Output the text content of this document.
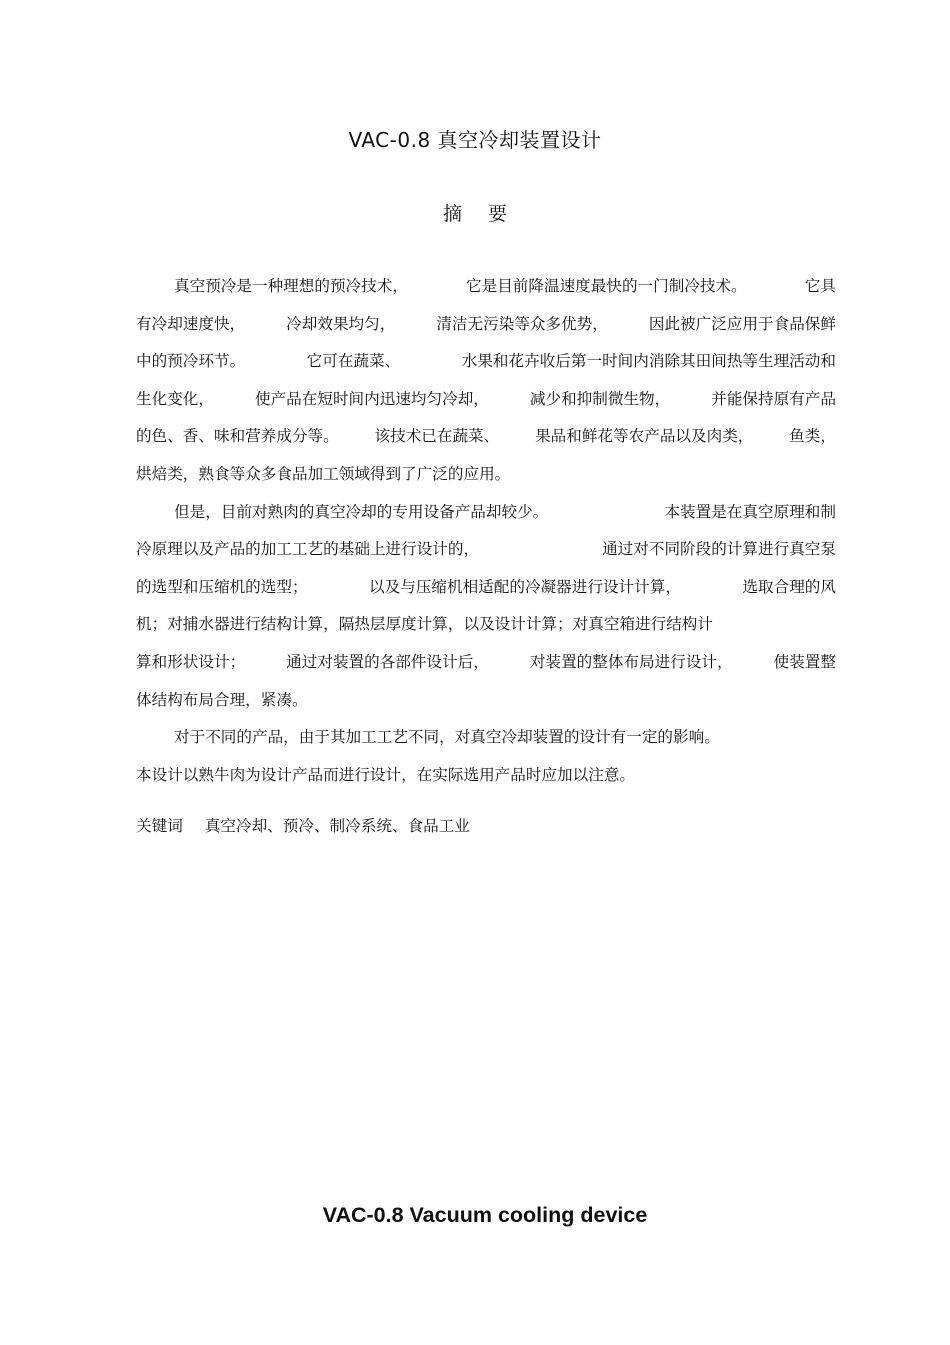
VAC-0.8 真空冷却装置设计
摘要
真空预冷是一种理想的预冷技术，	它是目前降温速度最快的一门制冷技术。	它具
有冷却速度快，	冷却效果均匀，	清洁无污染等众多优势，	因此被广泛应用于食品保鲜
中的预冷环节。	它可在蔬菜、	水果和花卉收后第一时间内消除其田间热等生理活动和
生化变化，	使产品在短时间内迅速均匀冷却，	减少和抑制微生物，	并能保持原有产品
的色、香、味和营养成分等。 该技术已在蔬菜、 果品和鲜花等农产品以及肉类， 鱼类，
烘焙类，熟食等众多食品加工领域得到了广泛的应用。
但是，目前对熟肉的真空冷却的专用设备产品却较少。	本装置是在真空原理和制
冷原理以及产品的加工工艺的基础上进行设计的，	通过对不同阶段的计算进行真空泵
的选型和压缩机的选型；	以及与压缩机相适配的冷凝器进行设计计算，	选取合理的风
机；对捕水器进行结构计算，隔热层厚度计算，以及设计计算；对真空箱进行结构计
算和形状设计；	通过对装置的各部件设计后，	对装置的整体布局进行设计，	使装置整
体结构布局合理，紧凑。
对于不同的产品，由于其加工工艺不同，对真空冷却装置的设计有一定的影响。
本设计以熟牛肉为设计产品而进行设计，在实际选用产品时应加以注意。
关键词 真空冷却、预冷、制冷系统、食品工业
VAC-0.8 Vacuum cooling device
